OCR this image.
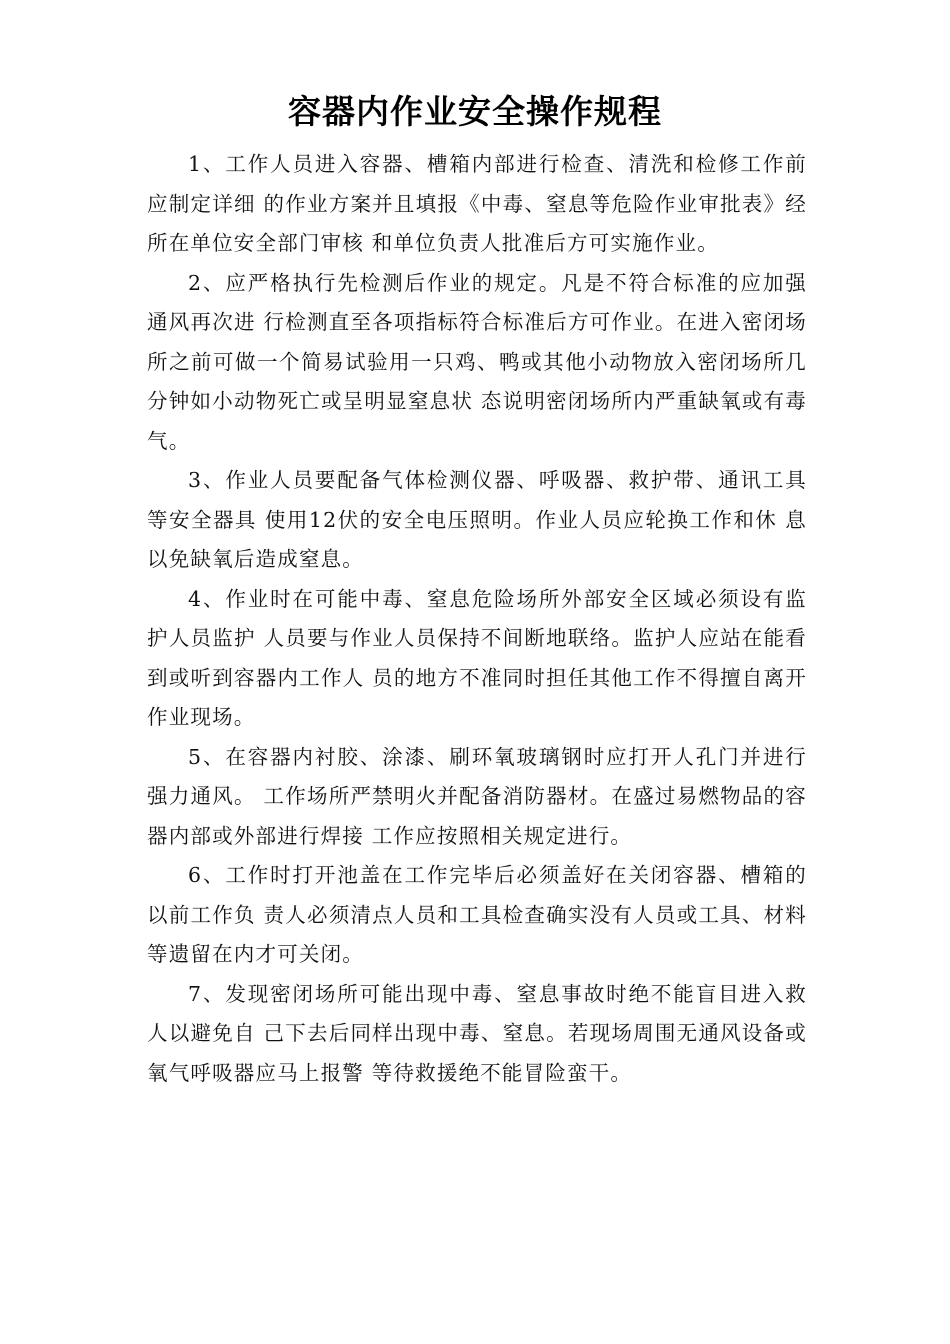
容器内作业安全操作规程

1、工作人员进入容器、槽箱内部进行检查、清洗和检修工作前应制定详细 的作业方案并且填报《中毒、窒息等危险作业审批表》经所在单位安全部门审核 和单位负责人批准后方可实施作业。

2、应严格执行先检测后作业的规定。凡是不符合标准的应加强通风再次进 行检测直至各项指标符合标准后方可作业。在进入密闭场所之前可做一个简易试验用一只鸡、鸭或其他小动物放入密闭场所几分钟如小动物死亡或呈明显窒息状 态说明密闭场所内严重缺氧或有毒气。

3、作业人员要配备气体检测仪器、呼吸器、救护带、通讯工具等安全器具 使用12伏的安全电压照明。作业人员应轮换工作和休 息以免缺氧后造成窒息。

4、作业时在可能中毒、窒息危险场所外部安全区域必须设有监护人员监护 人员要与作业人员保持不间断地联络。监护人应站在能看到或听到容器内工作人 员的地方不准同时担任其他工作不得擅自离开作业现场。

5、在容器内衬胶、涂漆、刷环氧玻璃钢时应打开人孔门并进行强力通风。 工作场所严禁明火并配备消防器材。在盛过易燃物品的容器内部或外部进行焊接 工作应按照相关规定进行。

6、工作时打开池盖在工作完毕后必须盖好在关闭容器、槽箱的以前工作负 责人必须清点人员和工具检查确实没有人员或工具、材料等遗留在内才可关闭。

7、发现密闭场所可能出现中毒、窒息事故时绝不能盲目进入救人以避免自 己下去后同样出现中毒、窒息。若现场周围无通风设备或氧气呼吸器应马上报警 等待救援绝不能冒险蛮干。
